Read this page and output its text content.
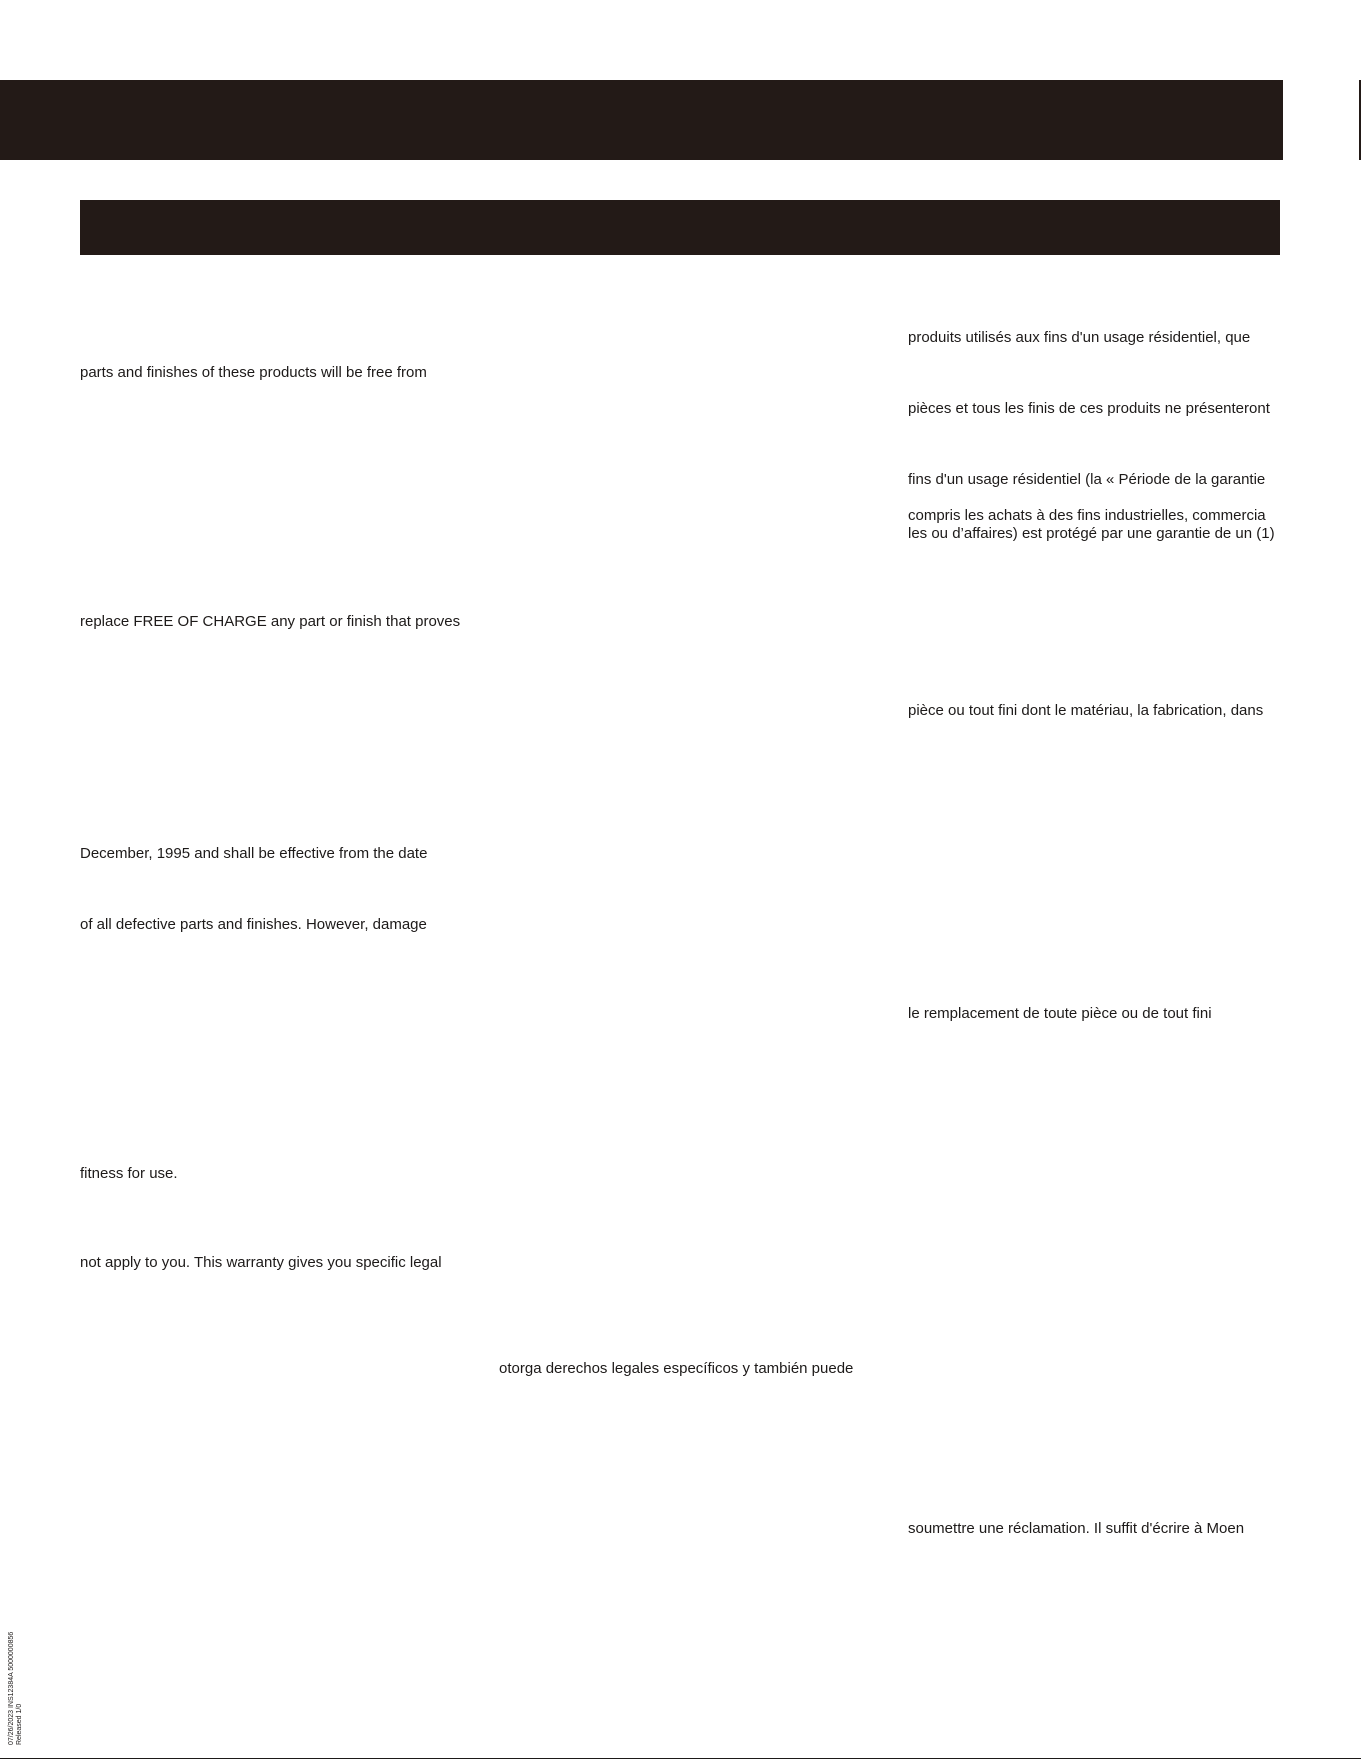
parts and finishes of these products will be free from
replace FREE OF CHARGE any part or finish that proves
December, 1995 and shall be effective from the date
of all defective parts and finishes. However, damage
fitness for use.
not apply to you. This warranty gives you specific legal
otorga derechos legales específicos y también puede
produits utilisés aux fins d'un usage résidentiel, que
pièces et tous les finis de ces produits ne présenteront
fins d'un usage résidentiel (la « Période de la garantie
compris les achats à des fins industrielles, commercia
les ou d’affaires) est protégé par une garantie de un (1)
pièce ou tout fini dont le matériau, la fabrication, dans
le remplacement de toute pièce ou de tout fini
soumettre une réclamation. Il suffit d'écrire à Moen
07/26/2023 INS12384A 5000000856 Released 1/0
